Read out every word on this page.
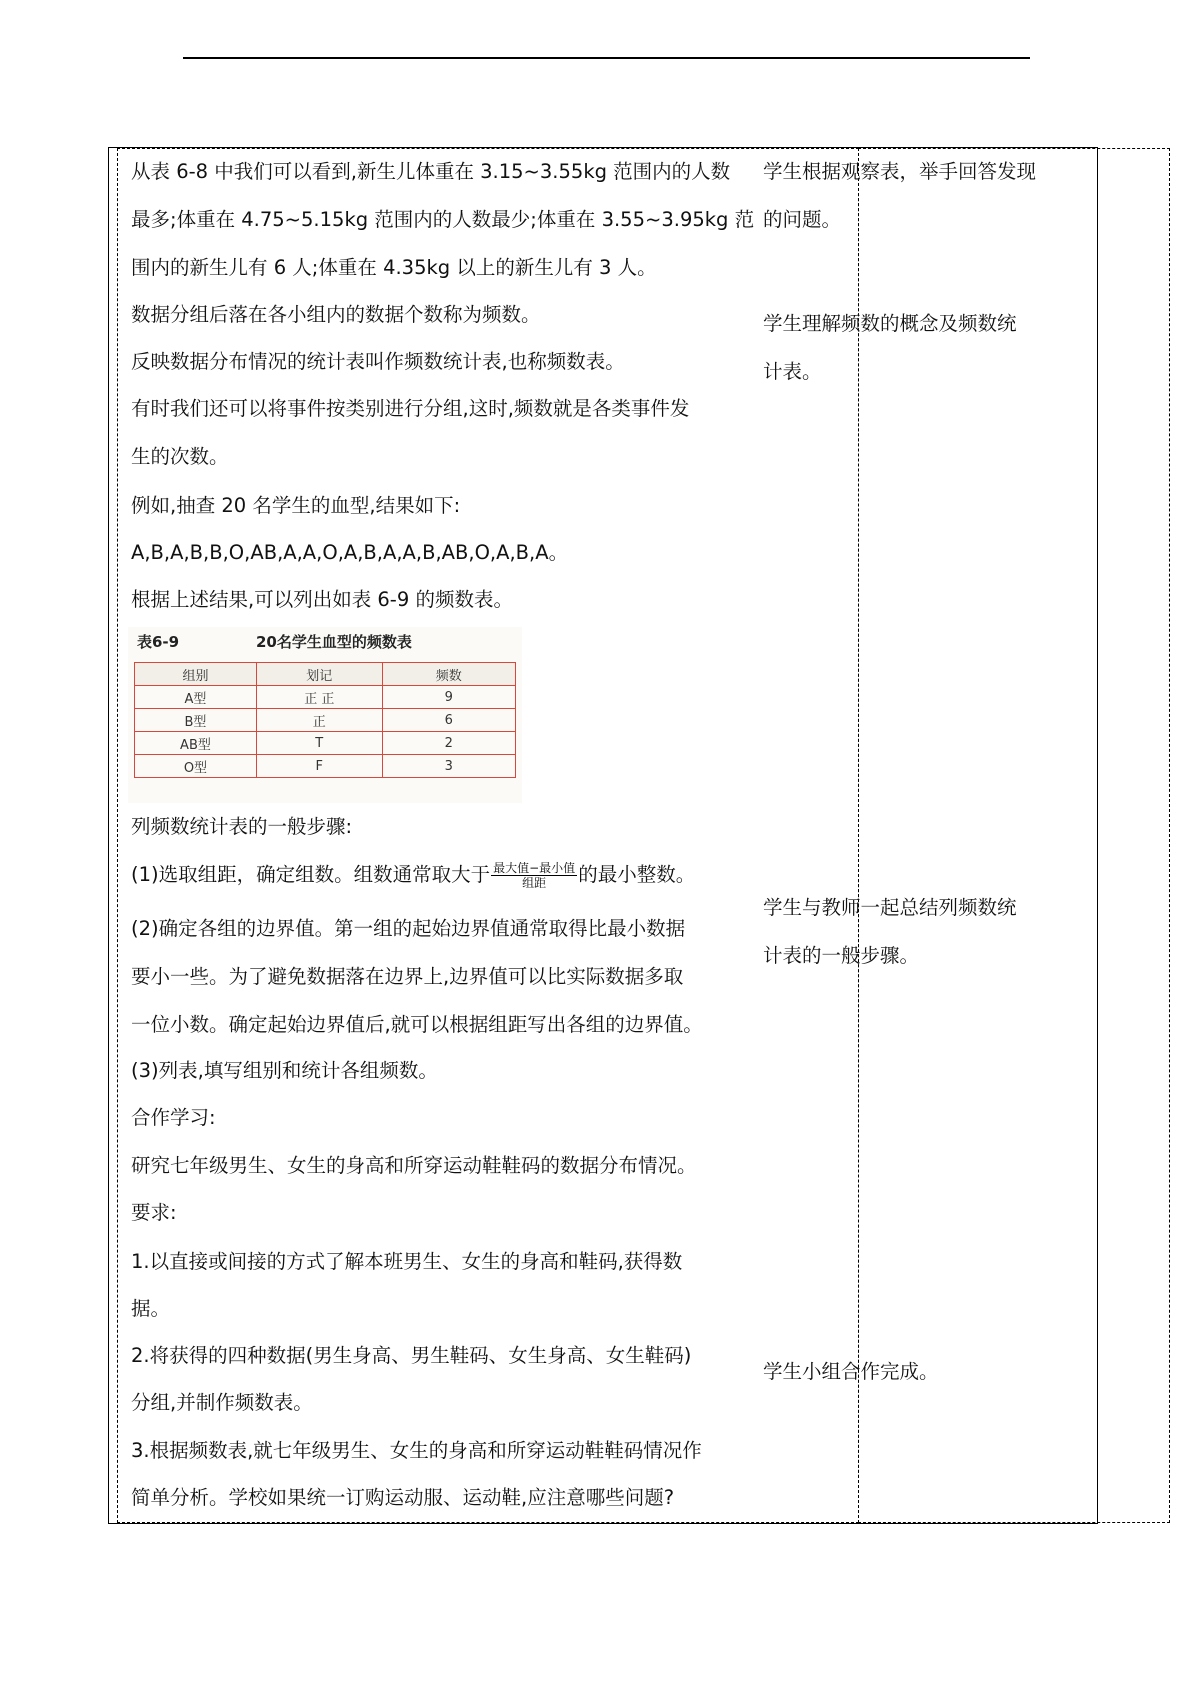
从表 6-8 中我们可以看到,新生儿体重在 3.15~3.55kg 范围内的人数
最多;体重在 4.75~5.15kg 范围内的人数最少;体重在 3.55~3.95kg 范
围内的新生儿有 6 人;体重在 4.35kg 以上的新生儿有 3 人。
数据分组后落在各小组内的数据个数称为频数。
反映数据分布情况的统计表叫作频数统计表,也称频数表。
有时我们还可以将事件按类别进行分组,这时,频数就是各类事件发
生的次数。
例如,抽查 20 名学生的血型,结果如下:
A,B,A,B,B,O,AB,A,A,O,A,B,A,A,B,AB,O,A,B,A。
根据上述结果,可以列出如表 6-9 的频数表。
表6-9	20名学生血型的频数表
组别	划记	频数
A型	正 正	9
B型	正	6
AB型	T	2
O型	F	3
列频数统计表的一般步骤:
(1)选取组距，确定组数。组数通常取大于 $\frac{\text{最大值−最小值}}{\text{组距}}$ 的最小整数。
(2)确定各组的边界值。第一组的起始边界值通常取得比最小数据
要小一些。为了避免数据落在边界上,边界值可以比实际数据多取
一位小数。确定起始边界值后,就可以根据组距写出各组的边界值。
(3)列表,填写组别和统计各组频数。
合作学习:
研究七年级男生、女生的身高和所穿运动鞋鞋码的数据分布情况。
要求:
1.以直接或间接的方式了解本班男生、女生的身高和鞋码,获得数
据。
2.将获得的四种数据(男生身高、男生鞋码、女生身高、女生鞋码)
分组,并制作频数表。
3.根据频数表,就七年级男生、女生的身高和所穿运动鞋鞋码情况作
简单分析。学校如果统一订购运动服、运动鞋,应注意哪些问题?
学生根据观察表，举手回答发现
的问题。
学生理解频数的概念及频数统
计表。
学生与教师一起总结列频数统
计表的一般步骤。
学生小组合作完成。
